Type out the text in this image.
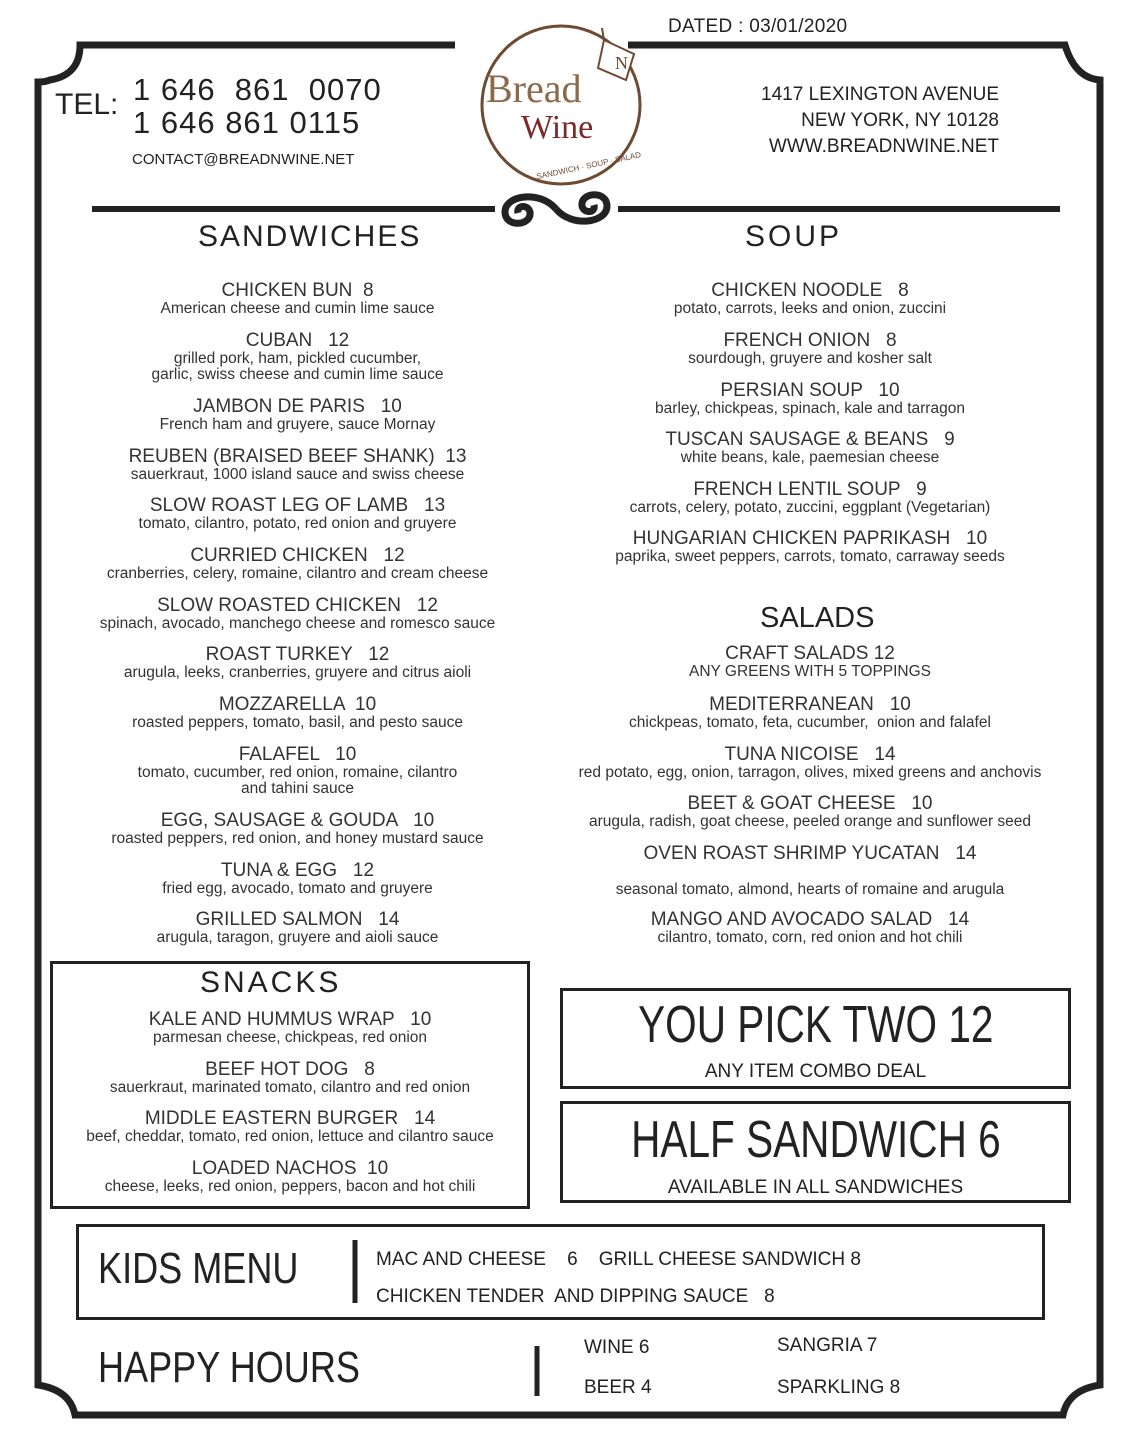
DATED : 03/01/2020
TEL: 1 646  861  0070
1 646 861 0115
CONTACT@BREADNWINE.NET
1417 LEXINGTON AVENUE
NEW YORK, NY 10128
WWW.BREADNWINE.NET
N
Bread
Wine
SANDWICH · SOUP · SALAD
SANDWICHES	SOUP
SALADS
CHICKEN BUN  8
American cheese and cumin lime sauce
CUBAN   12
grilled pork, ham, pickled cucumber,
garlic, swiss cheese and cumin lime sauce
JAMBON DE PARIS   10
French ham and gruyere, sauce Mornay
REUBEN (BRAISED BEEF SHANK)  13
sauerkraut, 1000 island sauce and swiss cheese
SLOW ROAST LEG OF LAMB   13
tomato, cilantro, potato, red onion and gruyere
CURRIED CHICKEN   12
cranberries, celery, romaine, cilantro and cream cheese
SLOW ROASTED CHICKEN   12
spinach, avocado, manchego cheese and romesco sauce
ROAST TURKEY   12
arugula, leeks, cranberries, gruyere and citrus aioli
MOZZARELLA  10
roasted peppers, tomato, basil, and pesto sauce
FALAFEL   10
tomato, cucumber, red onion, romaine, cilantro
and tahini sauce
EGG, SAUSAGE & GOUDA   10
roasted peppers, red onion, and honey mustard sauce
TUNA & EGG   12
fried egg, avocado, tomato and gruyere
GRILLED SALMON   14
arugula, taragon, gruyere and aioli sauce
CHICKEN NOODLE   8
potato, carrots, leeks and onion, zuccini
FRENCH ONION   8
sourdough, gruyere and kosher salt
PERSIAN SOUP   10
barley, chickpeas, spinach, kale and tarragon
TUSCAN SAUSAGE & BEANS   9
white beans, kale, paemesian cheese
FRENCH LENTIL SOUP   9
carrots, celery, potato, zuccini, eggplant (Vegetarian)
HUNGARIAN CHICKEN PAPRIKASH   10
paprika, sweet peppers, carrots, tomato, carraway seeds
CRAFT SALADS 12
ANY GREENS WITH 5 TOPPINGS
MEDITERRANEAN   10
chickpeas, tomato, feta, cucumber,  onion and falafel
TUNA NICOISE   14
red potato, egg, onion, tarragon, olives, mixed greens and anchovis
BEET & GOAT CHEESE   10
arugula, radish, goat cheese, peeled orange and sunflower seed
OVEN ROAST SHRIMP YUCATAN   14

seasonal tomato, almond, hearts of romaine and arugula
MANGO AND AVOCADO SALAD   14
cilantro, tomato, corn, red onion and hot chili
SNACKS
KALE AND HUMMUS WRAP   10
parmesan cheese, chickpeas, red onion
BEEF HOT DOG   8
sauerkraut, marinated tomato, cilantro and red onion
MIDDLE EASTERN BURGER   14
beef, cheddar, tomato, red onion, lettuce and cilantro sauce
LOADED NACHOS  10
cheese, leeks, red onion, peppers, bacon and hot chili
YOU PICK TWO 12
ANY ITEM COMBO DEAL
HALF SANDWICH 6
AVAILABLE IN ALL SANDWICHES
KIDS MENU	MAC AND CHEESE    6    GRILL CHEESE SANDWICH 8
CHICKEN TENDER  AND DIPPING SAUCE   8
HAPPY HOURS	WINE 6	SANGRIA 7
BEER 4	SPARKLING 8
